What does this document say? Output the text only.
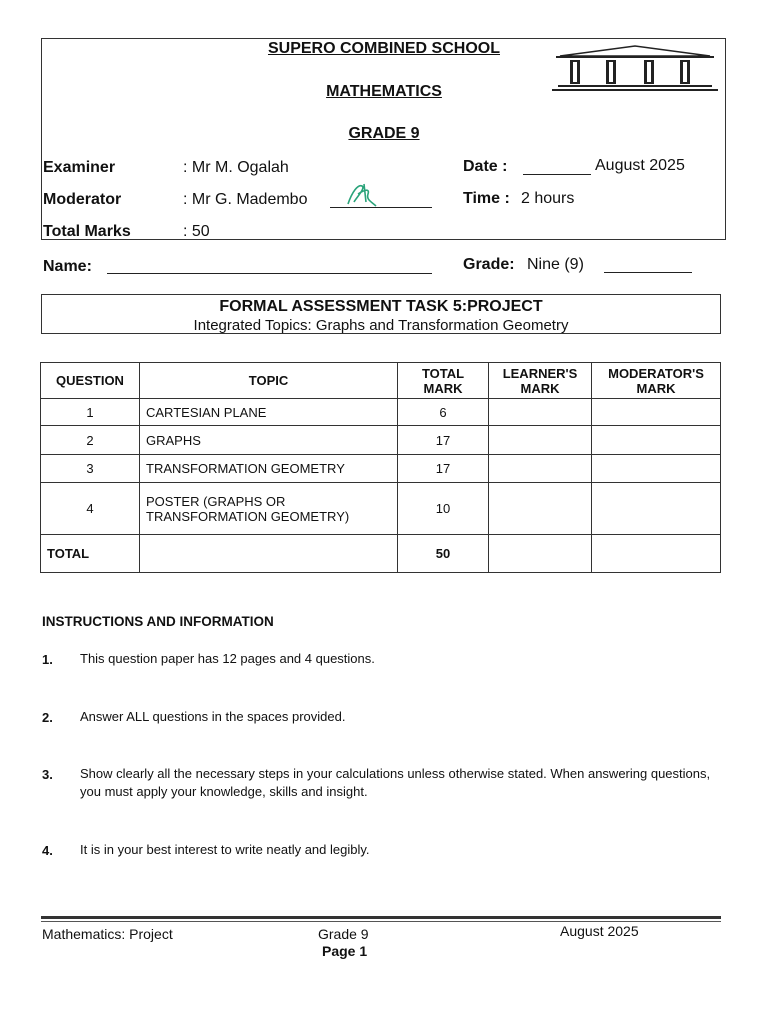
SUPERO COMBINED SCHOOL
MATHEMATICS
GRADE 9
Examiner	: Mr M. Ogalah
Moderator	: Mr G. Madembo
Total Marks	: 50
Date :	August 2025
Time : 2 hours
Name:	Grade: Nine (9)
FORMAL ASSESSMENT TASK 5:PROJECT
Integrated Topics: Graphs and Transformation Geometry
QUESTION	TOPIC	TOTAL MARK	LEARNER'S MARK	MODERATOR'S MARK
1	CARTESIAN PLANE	6		
2	GRAPHS	17		
3	TRANSFORMATION GEOMETRY	17		
4	POSTER (GRAPHS OR TRANSFORMATION GEOMETRY)	10		
TOTAL		50		
INSTRUCTIONS AND INFORMATION
1. This question paper has 12 pages and 4 questions.
2. Answer ALL questions in the spaces provided.
3. Show clearly all the necessary steps in your calculations unless otherwise stated. When answering questions, you must apply your knowledge, skills and insight.
4. It is in your best interest to write neatly and legibly.
Mathematics: Project	Grade 9
Page 1
August 2025
